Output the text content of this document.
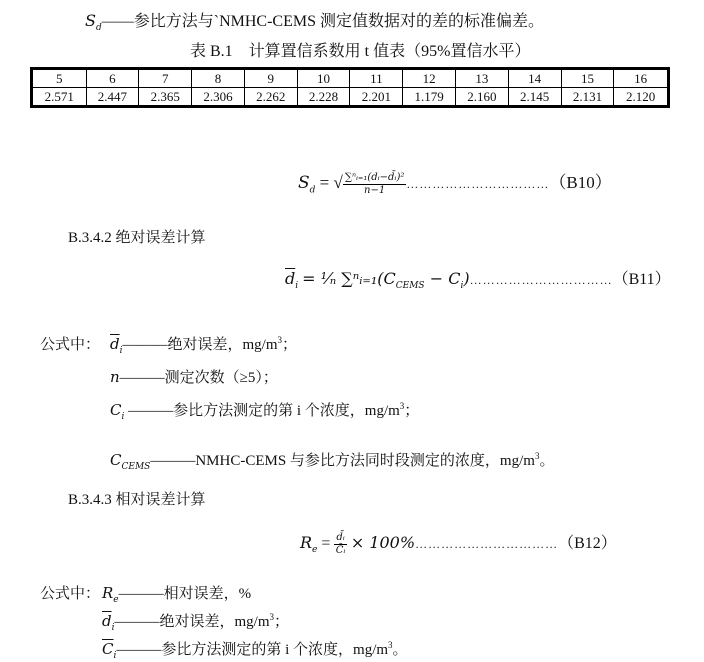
$S_d——$参比方法与`NMHC-CEMS 测定值数据对的差的标准偏差。
表 B.1　计算置信系数用 t 值表（95%置信水平）
5	6	7	8	9	10	11	12	13	14	15	16
2.571	2.447	2.365	2.306	2.262	2.228	2.201	1.179	2.160	2.145	2.131	2.120
$S_d$ = √ $\frac{\text{∑ⁿᵢ₌₁(dᵢ−d̄ᵢ)²}}{n-1}$ ……………………………（B10）
B.3.4.2 绝对误差计算
$\overline{d}_i$ = ¹⁄ₙ $\sum^nᵢ_{=1}(C_{CEMS}$ − $C_i)\dots\dots\dots\dots\dots\dots\dots\dots\dots\dots\dots(B11)$
公式中： $\overline{d}_i———$绝对误差，$mg/m^3$；
n———测定次数（≥5）；
$C_i$ ———参比方法测定的第 i 个浓度，$mg/m^3$；
$C_{CEMS}———NMHC$-CEMS 与参比方法同时段测定的浓度，$mg/m^3$。
B.3.4.3 相对误差计算
$R_e = \frac{\text{d̄ᵢ}}{\text{C̄ᵢ}}$ × 100%……………………………（B12）
公式中： $R_e———$相对误差，%
$\overline{d}_i———$绝对误差，$mg/m^3$；
$\overline{C}_i———$参比方法测定的第 i 个浓度，$mg/m^3$。
